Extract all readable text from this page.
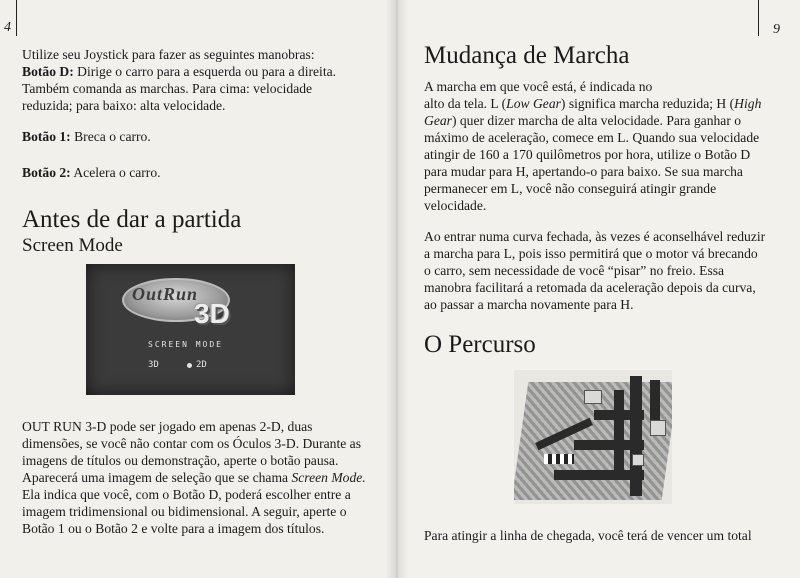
4

Utilize seu Joystick para fazer as seguintes manobras:

Botão D: Dirige o carro para a esquerda ou para a direita.

Também comanda as marchas. Para cima: velocidade

reduzida; para baixo: alta velocidade.

Botão 1: Breca o carro.

Botão 2: Acelera o carro.

Antes de dar a partida
Screen Mode
OutRun
3D
SCREEN MODE
3D	2D

OUT RUN 3-D pode ser jogado em apenas 2-D, duas

dimensões, se você não contar com os Óculos 3-D. Durante as

imagens de títulos ou demonstração, aperte o botão pausa.

Aparecerá uma imagem de seleção que se chama Screen Mode.

Ela indica que você, com o Botão D, poderá escolher entre a

imagem tridimensional ou bidimensional. A seguir, aperte o

Botão 1 ou o Botão 2 e volte para a imagem dos títulos.

9
Mudança de Marcha

A marcha em que você está, é indicada no

alto da tela. L (Low Gear) significa marcha reduzida; H (High

Gear) quer dizer marcha de alta velocidade. Para ganhar o

máximo de aceleração, comece em L. Quando sua velocidade

atingir de 160 a 170 quilômetros por hora, utilize o Botão D

para mudar para H, apertando-o para baixo. Se sua marcha

permanecer em L, você não conseguirá atingir grande

velocidade.

Ao entrar numa curva fechada, às vezes é aconselhável reduzir

a marcha para L, pois isso permitirá que o motor vá brecando

o carro, sem necessidade de você “pisar” no freio. Essa

manobra facilitará a retomada da aceleração depois da curva,

ao passar a marcha novamente para H.

O Percurso

Para atingir a linha de chegada, você terá de vencer um total
